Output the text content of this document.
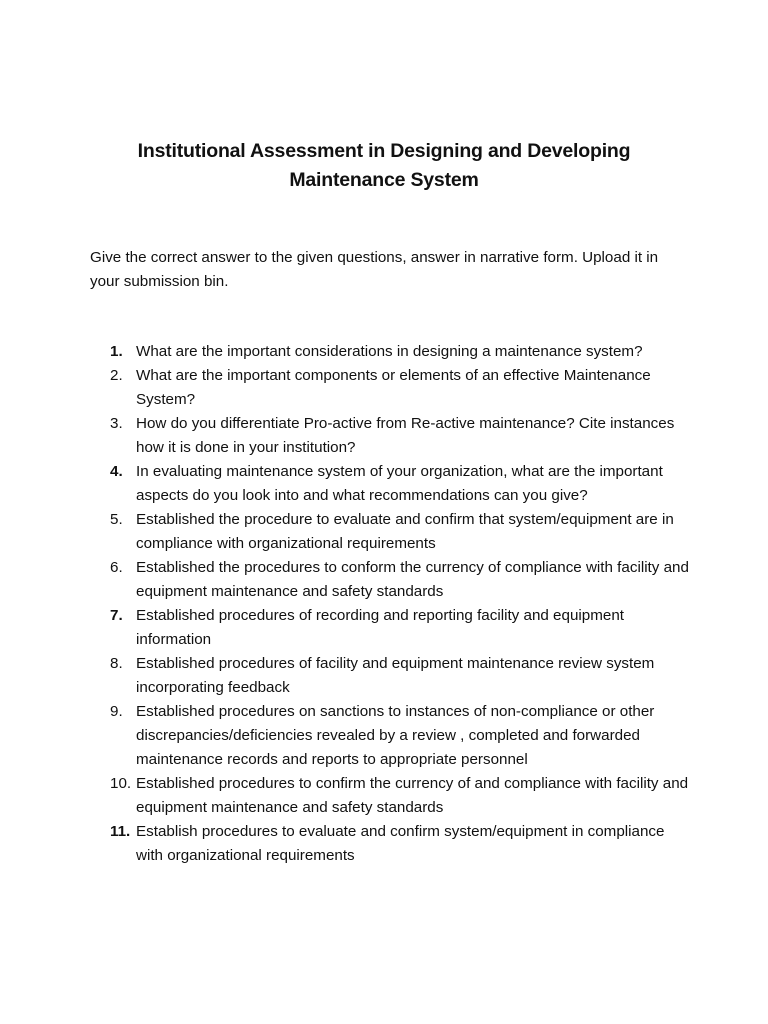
Institutional Assessment in Designing and Developing
Maintenance System
Give the correct answer to the given questions, answer in narrative form. Upload it in your submission bin.
1. What are the important considerations in designing a maintenance system?
2. What are the important components or elements of an effective Maintenance System?
3. How do you differentiate Pro-active from Re-active maintenance? Cite instances how it is done in your institution?
4. In evaluating maintenance system of your organization, what are the important aspects do you look into and what recommendations can you give?
5. Established the procedure to evaluate and confirm that system/equipment are in compliance with organizational requirements
6. Established the procedures to conform the currency of compliance with facility and equipment maintenance and safety standards
7. Established procedures of recording and reporting facility and equipment information
8. Established procedures of facility and equipment maintenance review system incorporating feedback
9. Established procedures on sanctions to instances of non-compliance or other discrepancies/deficiencies revealed by a review , completed and forwarded maintenance records and reports to appropriate personnel
10. Established procedures to confirm the currency of and compliance with facility and equipment maintenance and safety standards
11. Establish procedures to evaluate and confirm system/equipment in compliance with organizational requirements
